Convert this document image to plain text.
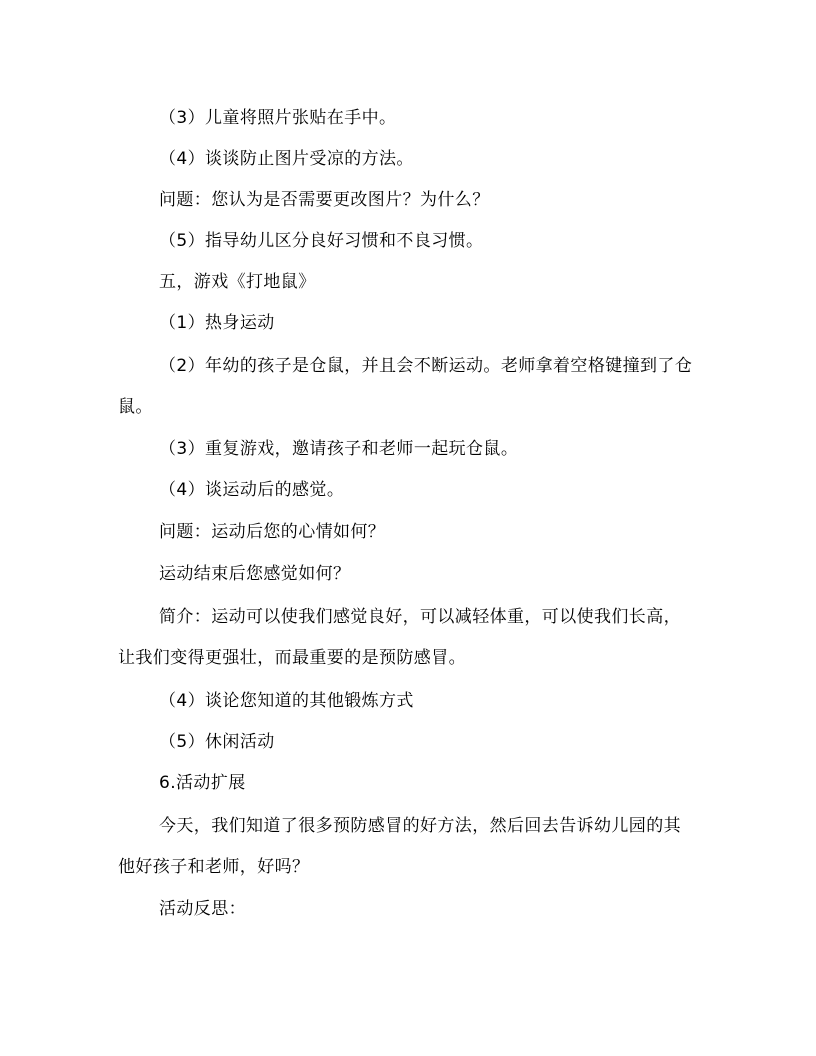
（3）儿童将照片张贴在手中。
（4）谈谈防止图片受凉的方法。
问题：您认为是否需要更改图片？为什么？
（5）指导幼儿区分良好习惯和不良习惯。
五，游戏《打地鼠》
（1）热身运动
（2）年幼的孩子是仓鼠，并且会不断运动。老师拿着空格键撞到了仓鼠。
（3）重复游戏，邀请孩子和老师一起玩仓鼠。
（4）谈运动后的感觉。
问题：运动后您的心情如何？
运动结束后您感觉如何？
简介：运动可以使我们感觉良好，可以减轻体重，可以使我们长高，让我们变得更强壮，而最重要的是预防感冒。
（4）谈论您知道的其他锻炼方式
（5）休闲活动
6.活动扩展
今天，我们知道了很多预防感冒的好方法，然后回去告诉幼儿园的其他好孩子和老师，好吗？
活动反思：
